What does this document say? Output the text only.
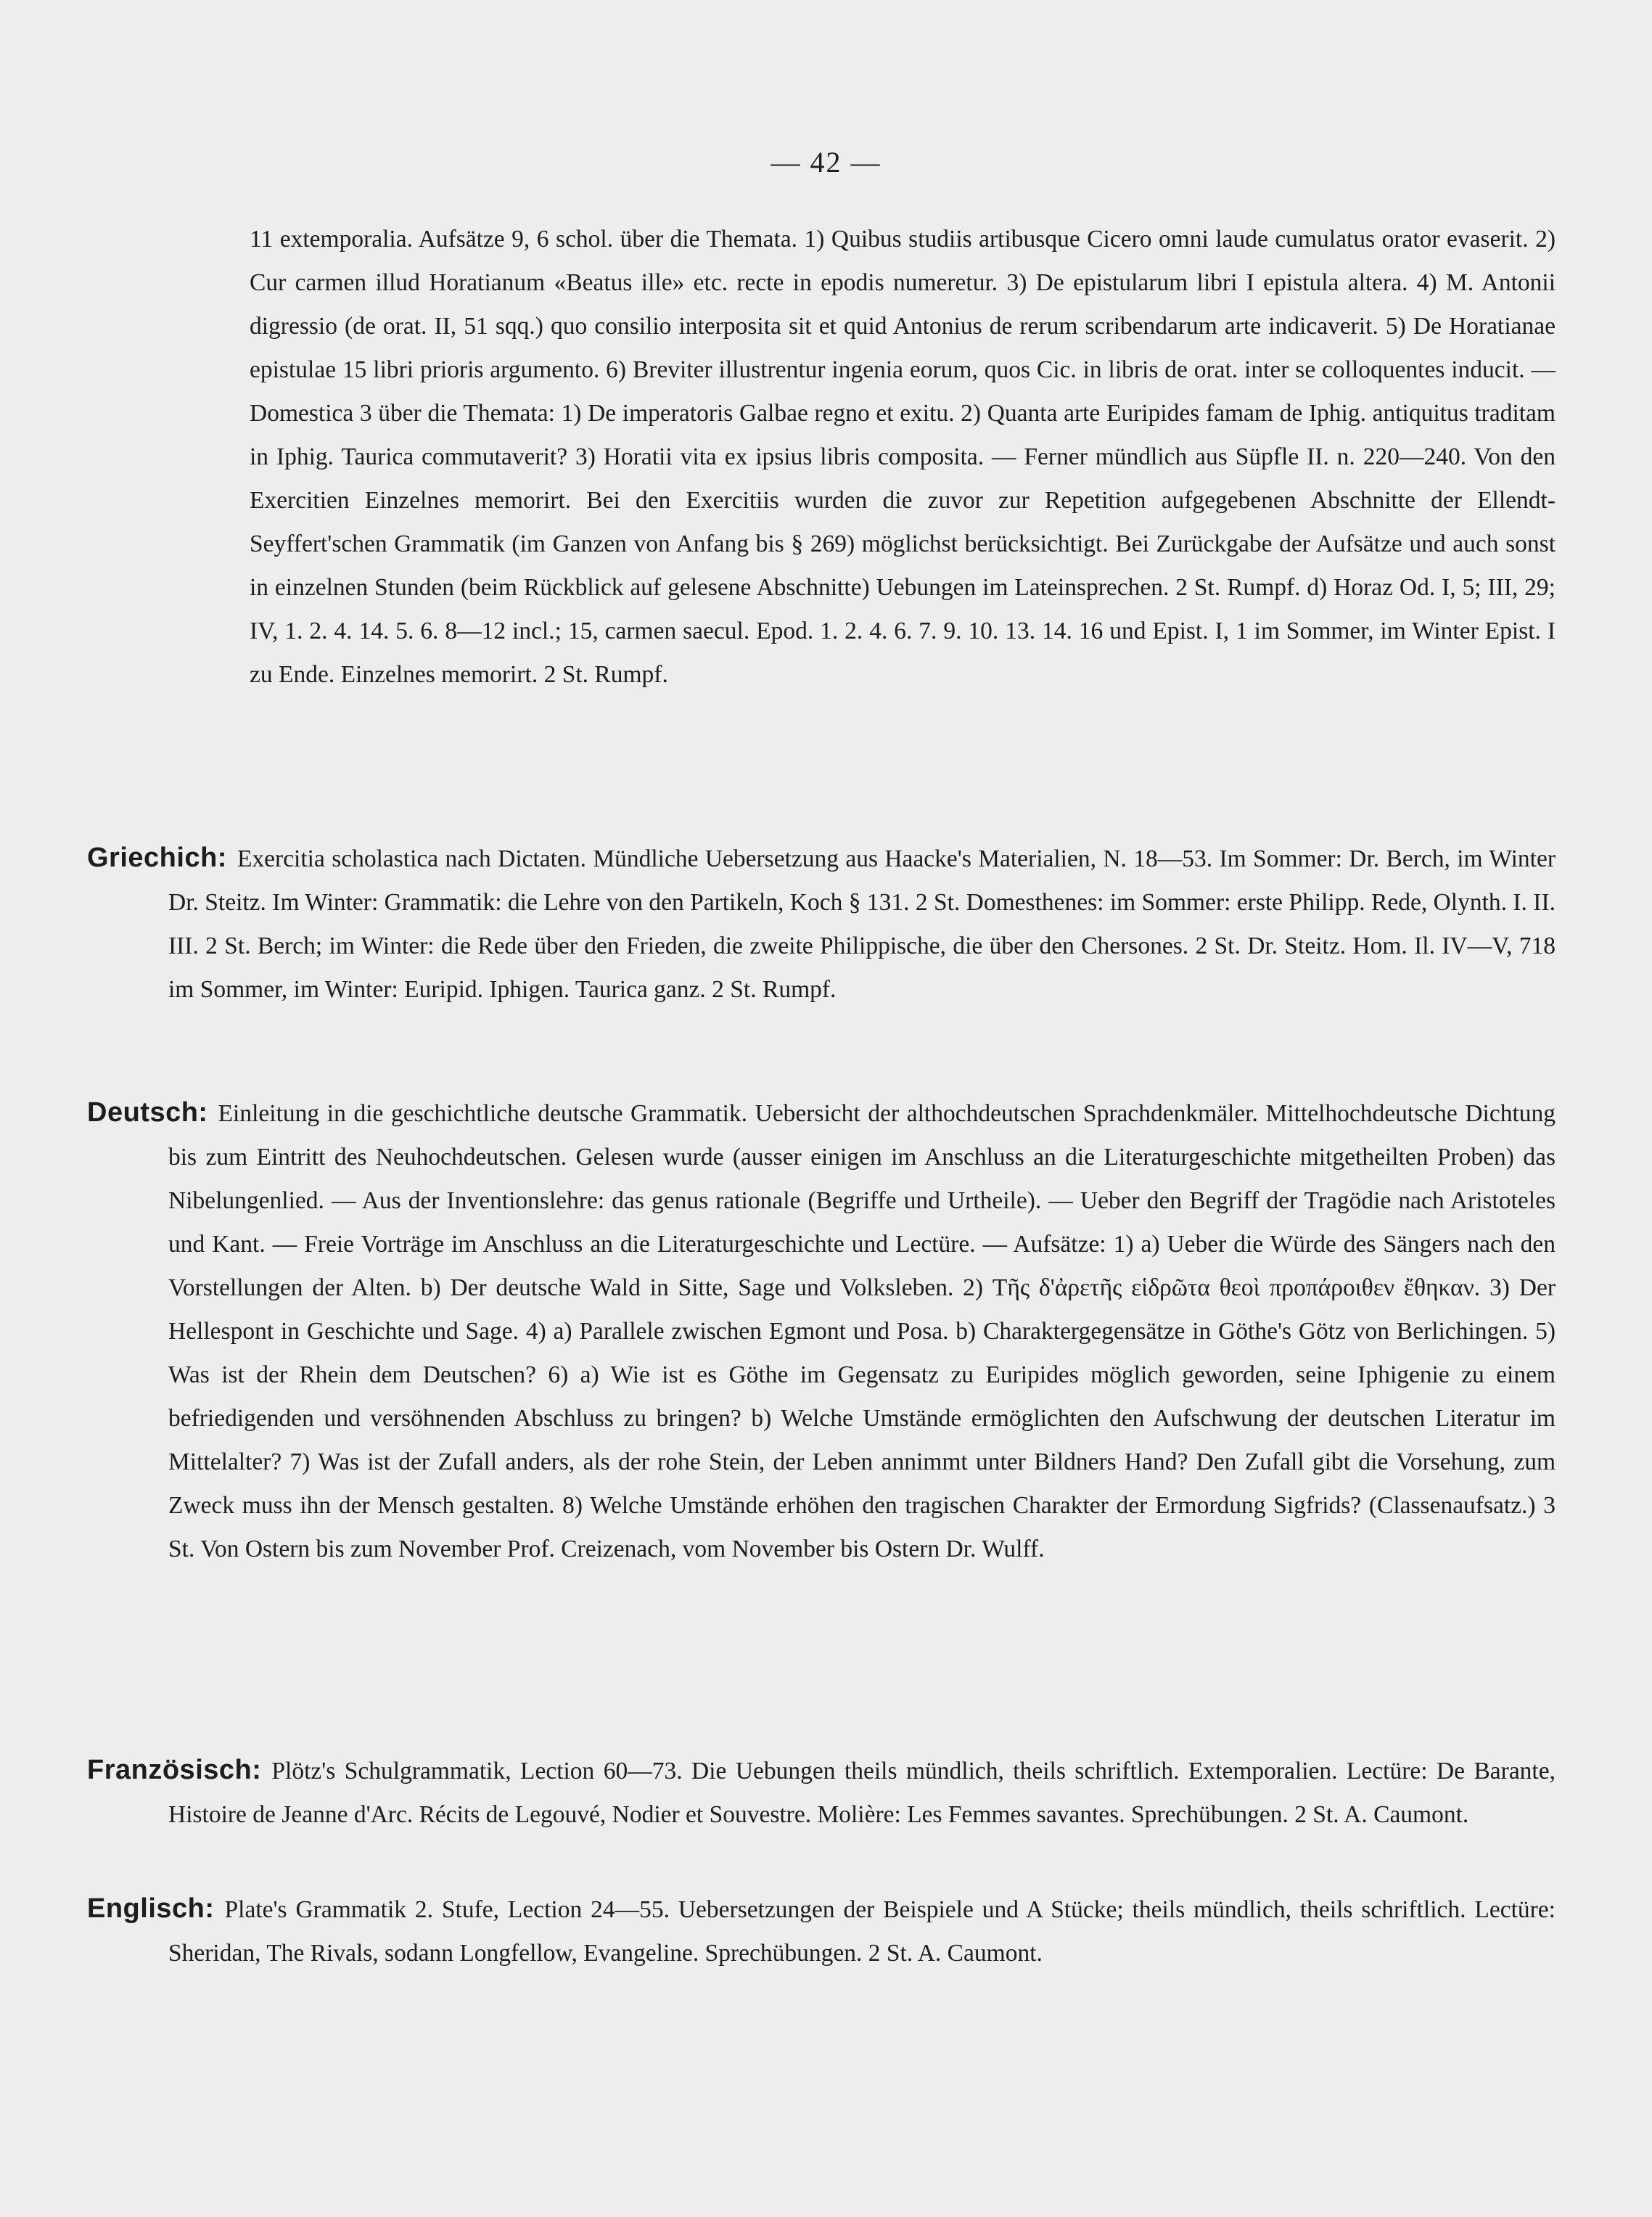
— 42 —

11 extemporalia. Aufsätze 9, 6 schol. über die Themata. 1) Quibus studiis artibusque Cicero omni laude cumulatus orator evaserit. 2) Cur carmen illud Horatianum «Beatus ille» etc. recte in epodis numeretur. 3) De epistularum libri I epistula altera. 4) M. Antonii digressio (de orat. II, 51 sqq.) quo consilio interposita sit et quid Antonius de rerum scribendarum arte indicaverit. 5) De Horatianae epistulae 15 libri prioris argumento. 6) Breviter illustrentur ingenia eorum, quos Cic. in libris de orat. inter se colloquentes inducit. — Domestica 3 über die Themata: 1) De imperatoris Galbae regno et exitu. 2) Quanta arte Euripides famam de Iphig. antiquitus traditam in Iphig. Taurica commutaverit? 3) Horatii vita ex ipsius libris composita. — Ferner mündlich aus Süpfle II. n. 220—240. Von den Exercitien Einzelnes memorirt. Bei den Exercitiis wurden die zuvor zur Repetition aufgegebenen Abschnitte der Ellendt-Seyffert'schen Grammatik (im Ganzen von Anfang bis § 269) möglichst berücksichtigt. Bei Zurückgabe der Aufsätze und auch sonst in einzelnen Stunden (beim Rückblick auf gelesene Abschnitte) Uebungen im Lateinsprechen. 2 St. Rumpf. d) Horaz Od. I, 5; III, 29; IV, 1. 2. 4. 14. 5. 6. 8—12 incl.; 15, carmen saecul. Epod. 1. 2. 4. 6. 7. 9. 10. 13. 14. 16 und Epist. I, 1 im Sommer, im Winter Epist. I zu Ende. Einzelnes memorirt. 2 St. Rumpf.

Griechich: Exercitia scholastica nach Dictaten. Mündliche Uebersetzung aus Haacke's Materialien, N. 18—53. Im Sommer: Dr. Berch, im Winter Dr. Steitz. Im Winter: Grammatik: die Lehre von den Partikeln, Koch § 131. 2 St. Domesthenes: im Sommer: erste Philipp. Rede, Olynth. I. II. III. 2 St. Berch; im Winter: die Rede über den Frieden, die zweite Philippische, die über den Chersones. 2 St. Dr. Steitz. Hom. Il. IV—V, 718 im Sommer, im Winter: Euripid. Iphigen. Taurica ganz. 2 St. Rumpf.

Deutsch: Einleitung in die geschichtliche deutsche Grammatik. Uebersicht der althochdeutschen Sprachdenkmäler. Mittelhochdeutsche Dichtung bis zum Eintritt des Neuhochdeutschen. Gelesen wurde (ausser einigen im Anschluss an die Literaturgeschichte mitgetheilten Proben) das Nibelungenlied. — Aus der Inventionslehre: das genus rationale (Begriffe und Urtheile). — Ueber den Begriff der Tragödie nach Aristoteles und Kant. — Freie Vorträge im Anschluss an die Literaturgeschichte und Lectüre. — Aufsätze: 1) a) Ueber die Würde des Sängers nach den Vorstellungen der Alten. b) Der deutsche Wald in Sitte, Sage und Volksleben. 2) Τῆς δ'ἀρετῆς εἱδρῶτα θεοὶ προπάροιθεν ἔθηκαν. 3) Der Hellespont in Geschichte und Sage. 4) a) Parallele zwischen Egmont und Posa. b) Charaktergegensätze in Göthe's Götz von Berlichingen. 5) Was ist der Rhein dem Deutschen? 6) a) Wie ist es Göthe im Gegensatz zu Euripides möglich geworden, seine Iphigenie zu einem befriedigenden und versöhnenden Abschluss zu bringen? b) Welche Umstände ermöglichten den Aufschwung der deutschen Literatur im Mittelalter? 7) Was ist der Zufall anders, als der rohe Stein, der Leben annimmt unter Bildners Hand? Den Zufall gibt die Vorsehung, zum Zweck muss ihn der Mensch gestalten. 8) Welche Umstände erhöhen den tragischen Charakter der Ermordung Sigfrids? (Classenaufsatz.) 3 St. Von Ostern bis zum November Prof. Creizenach, vom November bis Ostern Dr. Wulff.

Französisch: Plötz's Schulgrammatik, Lection 60—73. Die Uebungen theils mündlich, theils schriftlich. Extemporalien. Lectüre: De Barante, Histoire de Jeanne d'Arc. Récits de Legouvé, Nodier et Souvestre. Molière: Les Femmes savantes. Sprechübungen. 2 St. A. Caumont.

Englisch: Plate's Grammatik 2. Stufe, Lection 24—55. Uebersetzungen der Beispiele und A Stücke; theils mündlich, theils schriftlich. Lectüre: Sheridan, The Rivals, sodann Longfellow, Evangeline. Sprechübungen. 2 St. A. Caumont.
